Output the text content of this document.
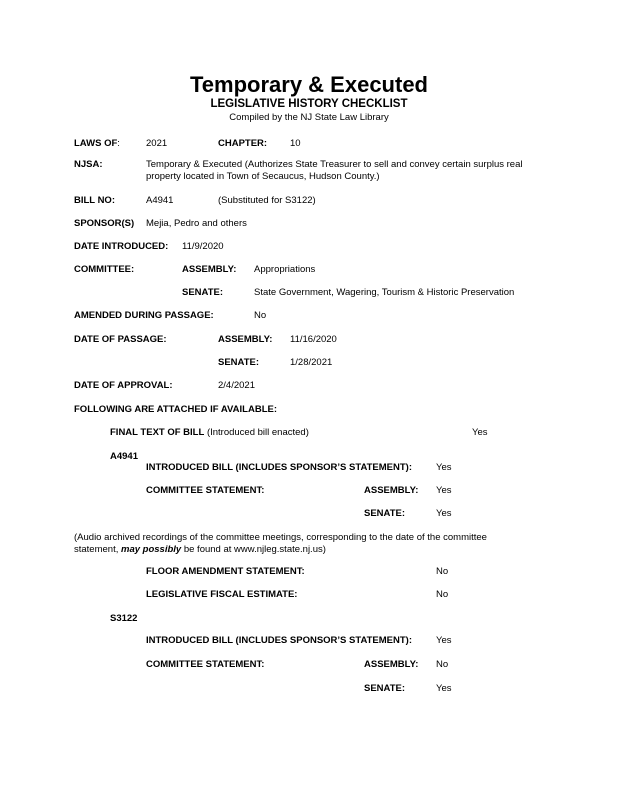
Temporary & Executed
LEGISLATIVE HISTORY CHECKLIST
Compiled by the NJ State Law Library
LAWS OF:	2021	CHAPTER: 10
NJSA:	Temporary & Executed (Authorizes State Treasurer to sell and convey certain surplus real
property located in Town of Secaucus, Hudson County.)
BILL NO:	A4941	(Substituted for S3122)
SPONSOR(S) Mejia, Pedro and others
DATE INTRODUCED: 11/9/2020
COMMITTEE:	ASSEMBLY: Appropriations
SENATE:	State Government, Wagering, Tourism & Historic Preservation
AMENDED DURING PASSAGE:	No
DATE OF PASSAGE:	ASSEMBLY: 11/16/2020
SENATE:	1/28/2021
DATE OF APPROVAL:	2/4/2021
FOLLOWING ARE ATTACHED IF AVAILABLE:
FINAL TEXT OF BILL (Introduced bill enacted)	Yes
A4941
INTRODUCED BILL (INCLUDES SPONSOR’S STATEMENT):	Yes
COMMITTEE STATEMENT:	ASSEMBLY: Yes
SENATE:	Yes
(Audio archived recordings of the committee meetings, corresponding to the date of the committee
statement, may possibly be found at www.njleg.state.nj.us)
FLOOR AMENDMENT STATEMENT:	No
LEGISLATIVE FISCAL ESTIMATE:	No
S3122
INTRODUCED BILL (INCLUDES SPONSOR’S STATEMENT):	Yes
COMMITTEE STATEMENT:	ASSEMBLY: No
SENATE:	Yes
